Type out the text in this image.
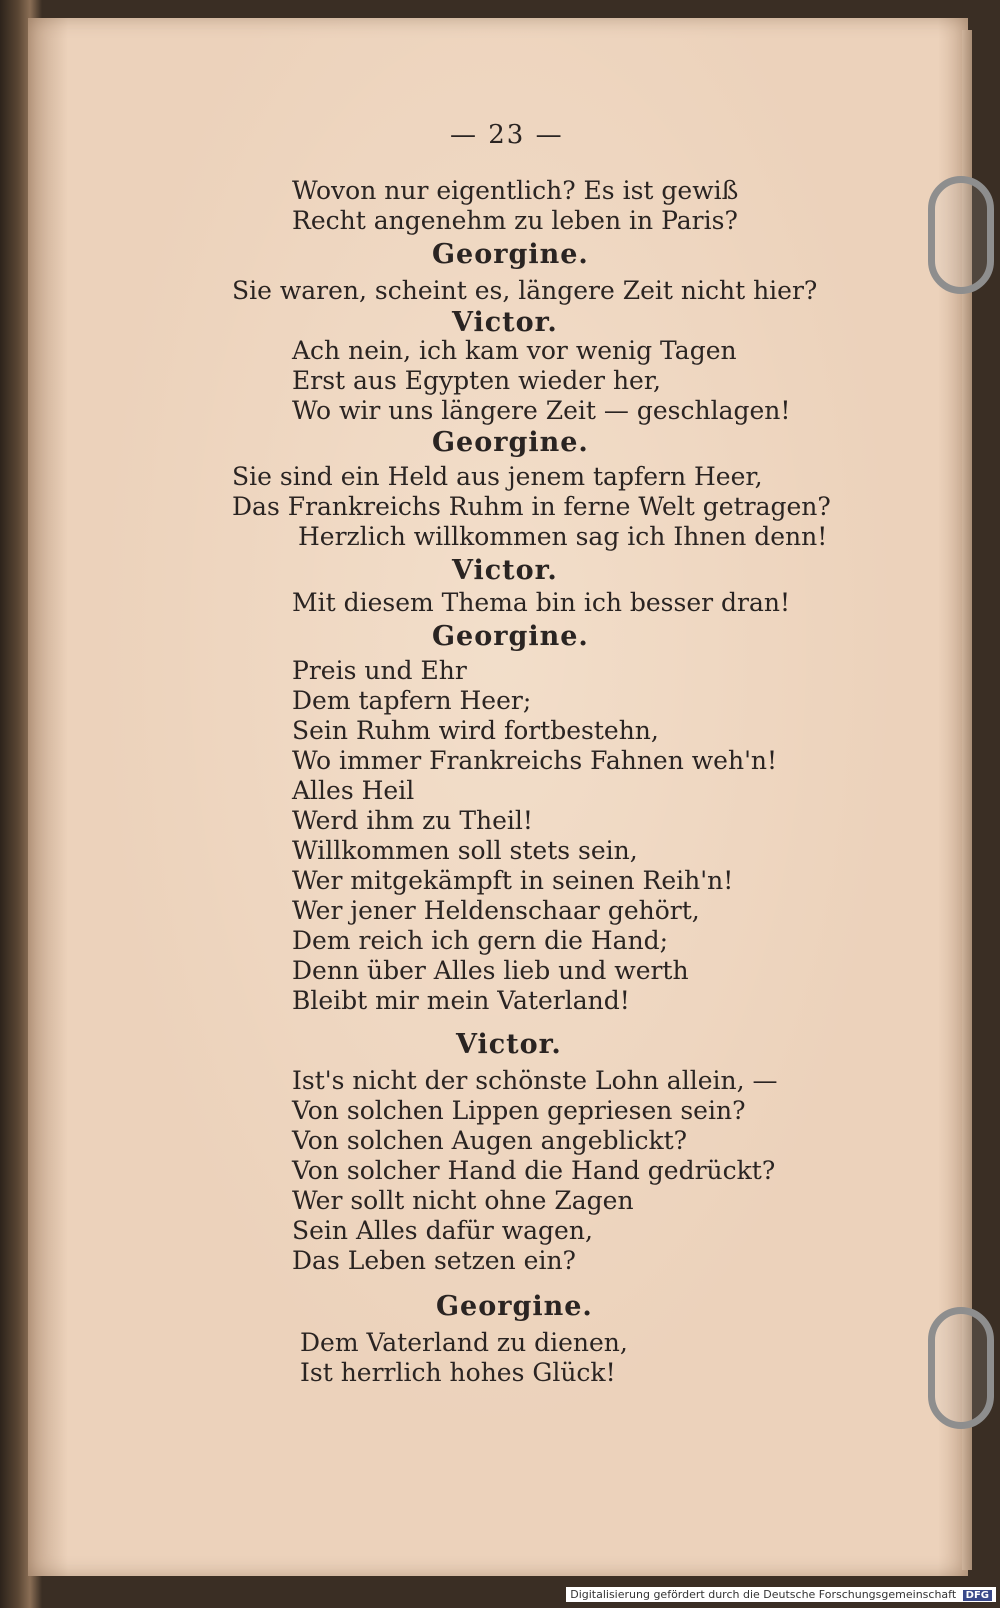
— 23 —
Wovon nur eigentlich? Es ist gewiß
Recht angenehm zu leben in Paris?
Georgine.
Sie waren, scheint es, längere Zeit nicht hier?
Victor.
Ach nein, ich kam vor wenig Tagen
Erst aus Egypten wieder her,
Wo wir uns längere Zeit — geschlagen!
Georgine.
Sie sind ein Held aus jenem tapfern Heer,
Das Frankreichs Ruhm in ferne Welt getragen?
Herzlich willkommen sag ich Ihnen denn!
Victor.
Mit diesem Thema bin ich besser dran!
Georgine.
Preis und Ehr
Dem tapfern Heer;
Sein Ruhm wird fortbestehn,
Wo immer Frankreichs Fahnen weh'n!
Alles Heil
Werd ihm zu Theil!
Willkommen soll stets sein,
Wer mitgekämpft in seinen Reih'n!
Wer jener Heldenschaar gehört,
Dem reich ich gern die Hand;
Denn über Alles lieb und werth
Bleibt mir mein Vaterland!
Victor.
Ist's nicht der schönste Lohn allein, —
Von solchen Lippen gepriesen sein?
Von solchen Augen angeblickt?
Von solcher Hand die Hand gedrückt?
Wer sollt nicht ohne Zagen
Sein Alles dafür wagen,
Das Leben setzen ein?
Georgine.
Dem Vaterland zu dienen,
Ist herrlich hohes Glück!
Digitalisierung gefördert durch die Deutsche Forschungsgemeinschaft DFG
